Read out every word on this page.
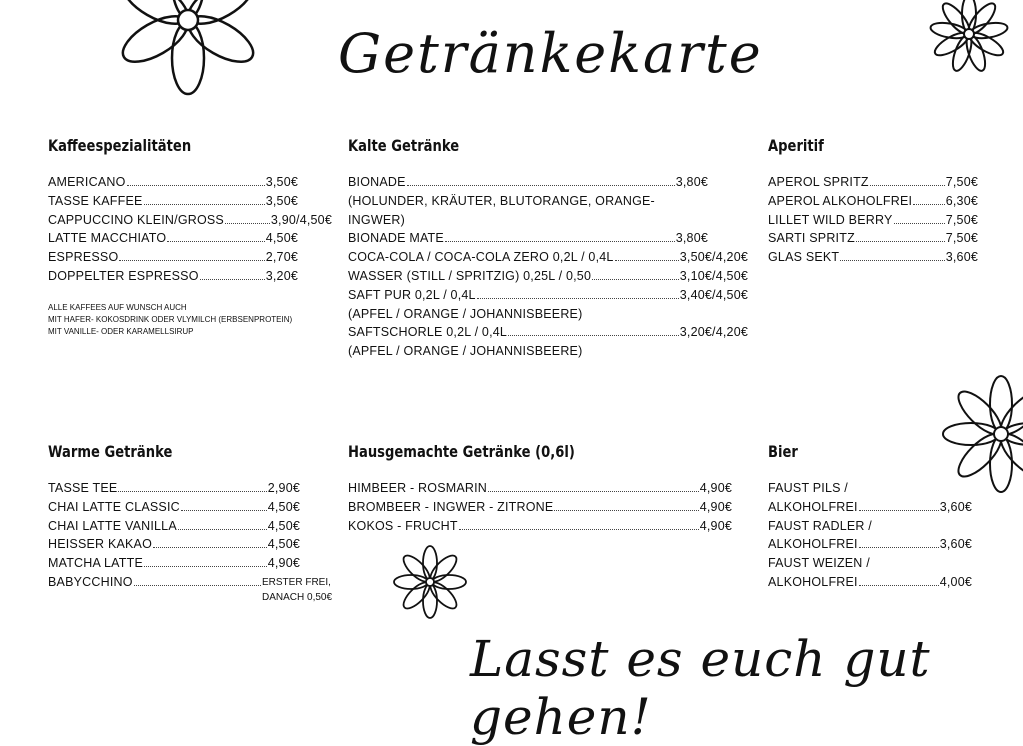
Getränkekarte
Lasst es euch gut gehen!
Kaffeespezialitäten
AMERICANO	3,50€
TASSE KAFFEE	3,50€
CAPPUCCINO KLEIN/GROSS	3,90/4,50€
LATTE MACCHIATO	4,50€
ESPRESSO	2,70€
DOPPELTER ESPRESSO	3,20€
ALLE KAFFEES AUF WUNSCH AUCH
MIT HAFER- KOKOSDRINK ODER VLYMILCH (ERBSENPROTEIN)
MIT VANILLE- ODER KARAMELLSIRUP
Kalte Getränke
BIONADE	3,80€
(HOLUNDER, KRÄUTER, BLUTORANGE, ORANGE-
INGWER)
BIONADE MATE	3,80€
COCA-COLA / COCA-COLA ZERO 0,2L / 0,4L	3,50€/4,20€
WASSER (STILL / SPRITZIG) 0,25L / 0,50	3,10€/4,50€
SAFT PUR 0,2L / 0,4L	3,40€/4,50€
(APFEL / ORANGE / JOHANNISBEERE)
SAFTSCHORLE 0,2L / 0,4L	3,20€/4,20€
(APFEL / ORANGE / JOHANNISBEERE)
Aperitif
APEROL SPRITZ	7,50€
APEROL ALKOHOLFREI	6,30€
LILLET WILD BERRY	7,50€
SARTI SPRITZ	7,50€
GLAS SEKT	3,60€
Warme Getränke
TASSE TEE	2,90€
CHAI LATTE CLASSIC	4,50€
CHAI LATTE VANILLA	4,50€
HEISSER KAKAO	4,50€
MATCHA LATTE	4,90€
BABYCCHINO	ERSTER FREI,
DANACH 0,50€
Hausgemachte Getränke (0,6l)
HIMBEER - ROSMARIN	4,90€
BROMBEER - INGWER - ZITRONE	4,90€
KOKOS - FRUCHT	4,90€
Bier
FAUST PILS /
ALKOHOLFREI	3,60€
FAUST RADLER /
ALKOHOLFREI	3,60€
FAUST WEIZEN /
ALKOHOLFREI	4,00€
